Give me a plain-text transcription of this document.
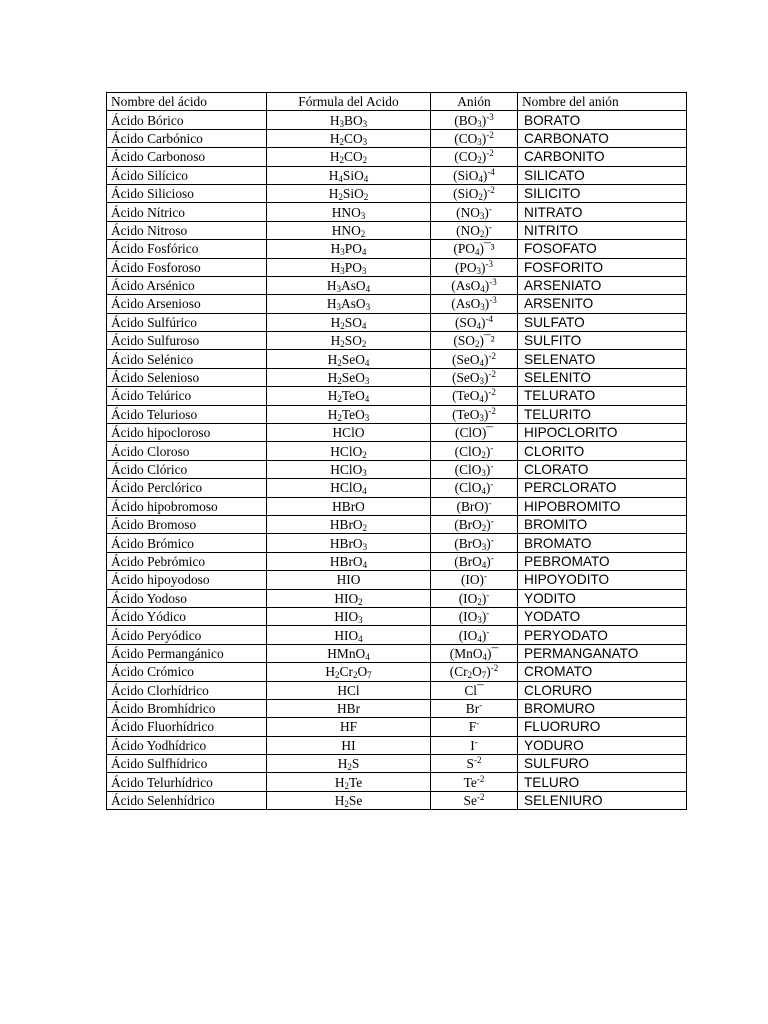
Nombre del ácido	Fórmula del Acido	Anión	Nombre del anión
Ácido Bórico	$H_3BO_3$	$(BO_3)^{-3}$	BORATO
Ácido Carbónico	$H_2CO_3$	$(CO_3)^{-2}$	CARBONATO
Ácido Carbonoso	$H_2CO_2$	$(CO_2)^{-2}$	CARBONITO
Ácido Silícico	$H_4SiO_4$	$(SiO_4)^{-4}$	SILICATO
Ácido Silicioso	$H_2SiO_2$	$(SiO_2)^{-2}$	SILICITO
Ácido Nítrico	$HNO_3$	$(NO_3)^-$	NITRATO
Ácido Nitroso	$HNO_2$	$(NO_2)^-$	NITRITO
Ácido Fosfórico	$H_3PO_4$	$(PO_4)¯^3$	FOSOFATO
Ácido Fosforoso	$H_3PO_3$	$(PO_3)^{-3}$	FOSFORITO
Ácido Arsénico	$H_3AsO_4$	$(AsO_4)^{-3}$	ARSENIATO
Ácido Arsenioso	$H_3AsO_3$	$(AsO_3)^{-3}$	ARSENITO
Ácido Sulfúrico	$H_2SO_4$	$(SO_4)^{-4}$	SULFATO
Ácido Sulfuroso	$H_2SO_2$	$(SO_2)¯^2$	SULFITO
Ácido Selénico	$H_2SeO_4$	$(SeO_4)^{-2}$	SELENATO
Ácido Selenioso	$H_2SeO_3$	$(SeO_3)^{-2}$	SELENITO
Ácido Telúrico	$H_2TeO_4$	$(TeO_4)^{-2}$	TELURATO
Ácido Telurioso	$H_2TeO_3$	$(TeO_3)^{-2}$	TELURITO
Ácido hipocloroso	HClO	(ClO)¯	HIPOCLORITO
Ácido Cloroso	HClO$_2$	(ClO$_2$)-	CLORITO
Ácido Clórico	HClO$_3$	(ClO$_3$)-	CLORATO
Ácido Perclórico	HClO$_4$	(ClO$_4$)-	PERCLORATO
Ácido hipobromoso	HBrO	(BrO)-	HIPOBROMITO
Ácido Bromoso	HBrO$_2$	(BrO$_2$)-	BROMITO
Ácido Brómico	HBrO$_3$	(BrO$_3$)-	BROMATO
Ácido Pebrómico	HBrO$_4$	(BrO$_4$)-	PEBROMATO
Ácido hipoyodoso	HIO	(IO)-	HIPOYODITO
Ácido Yodoso	$HIO_2$	$(IO_2)^-$	YODITO
Ácido Yódico	$HIO_3$	$(IO_3)^-$	YODATO
Ácido Peryódico	$HIO_4$	$(IO_4)^-$	PERYODATO
Ácido Permangánico	HMnO$_4$	(MnO$_4$)¯	PERMANGANATO
Ácido Crómico	$H_2Cr_2O_7$	$(Cr_2O_7)^{-2}$	CROMATO
Ácido Clorhídrico	HCl	Cl¯	CLORURO
Ácido Bromhídrico	HBr	Br-	BROMURO
Ácido Fluorhídrico	HF	F-	FLUORURO
Ácido Yodhídrico	HI	I-	YODURO
Ácido Sulfhídrico	$H_2S$	$S^{-2}$	SULFURO
Ácido Telurhídrico	$H_2Te$	$Te^{-2}$	TELURO
Ácido Selenhídrico	$H_2Se$	$Se^{-2}$	SELENIURO
